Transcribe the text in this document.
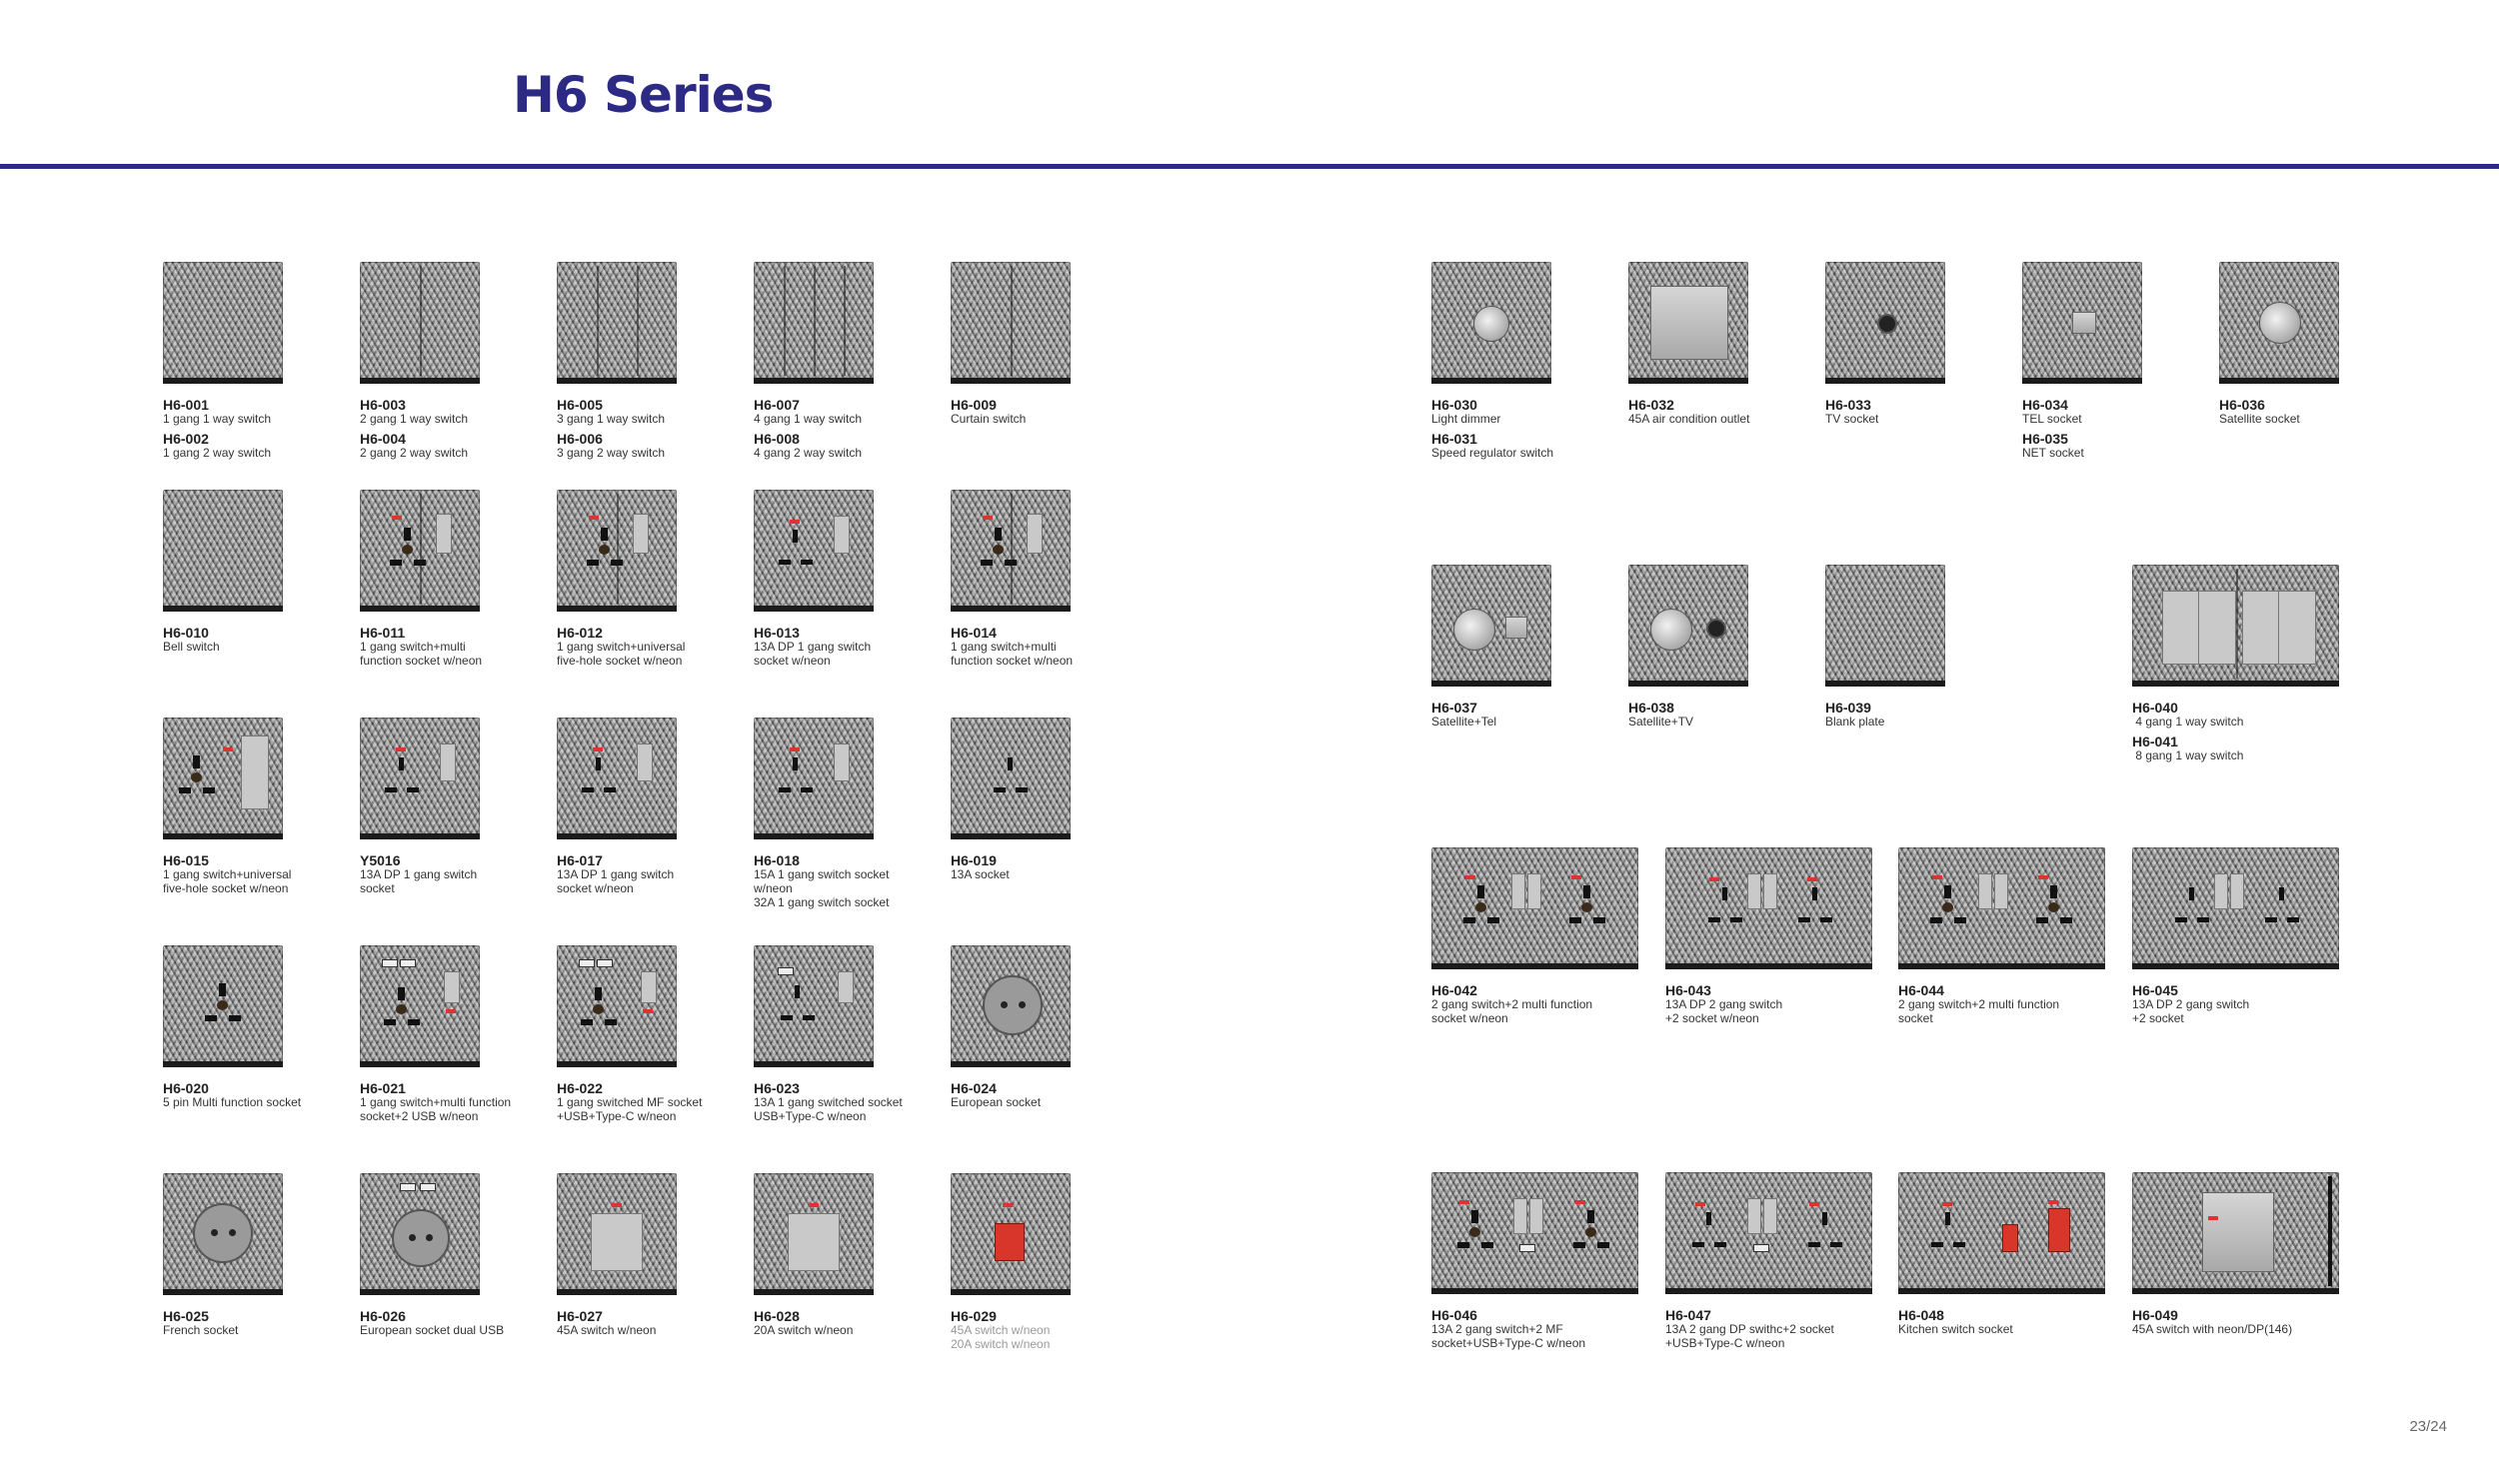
H6 Series
23/24
H6-001
1 gang 1 way switch
H6-002
1 gang 2 way switch
H6-003
2 gang 1 way switch
H6-004
2 gang 2 way switch
H6-005
3 gang 1 way switch
H6-006
3 gang 2 way switch
H6-007
4 gang 1 way switch
H6-008
4 gang 2 way switch
H6-009
Curtain switch
H6-010
Bell switch
H6-011
1 gang switch+multi
function socket w/neon
H6-012
1 gang switch+universal
five-hole socket w/neon
H6-013
13A DP 1 gang switch
socket w/neon
H6-014
1 gang switch+multi
function socket w/neon
H6-015
1 gang switch+universal
five-hole socket w/neon
Y5016
13A DP 1 gang switch
socket
H6-017
13A DP 1 gang switch
socket w/neon
H6-018
15A 1 gang switch socket
w/neon
32A 1 gang switch socket
H6-019
13A socket
H6-020
5 pin Multi function socket
H6-021
1 gang switch+multi function
socket+2 USB w/neon
H6-022
1 gang switched MF socket
+USB+Type-C w/neon
H6-023
13A 1 gang switched socket
USB+Type-C w/neon
H6-024
European socket
H6-025
French socket
H6-026
European socket dual USB
H6-027
45A switch w/neon
H6-028
20A switch w/neon
H6-029
45A switch w/neon
20A switch w/neon
H6-030
Light dimmer
H6-031
Speed regulator switch
H6-032
45A air condition outlet
H6-033
TV socket
H6-034
TEL socket
H6-035
NET socket
H6-036
Satellite socket
H6-037
Satellite+Tel
H6-038
Satellite+TV
H6-039
Blank plate
H6-040
4 gang 1 way switch
H6-041
8 gang 1 way switch
H6-042
2 gang switch+2 multi function
socket w/neon
H6-043
13A DP 2 gang switch
+2 socket w/neon
H6-044
2 gang switch+2 multi function
socket
H6-045
13A DP 2 gang switch
+2 socket
H6-046
13A 2 gang switch+2 MF
socket+USB+Type-C w/neon
H6-047
13A 2 gang DP swithc+2 socket
+USB+Type-C w/neon
H6-048
Kitchen switch socket
H6-049
45A switch with neon/DP(146)
